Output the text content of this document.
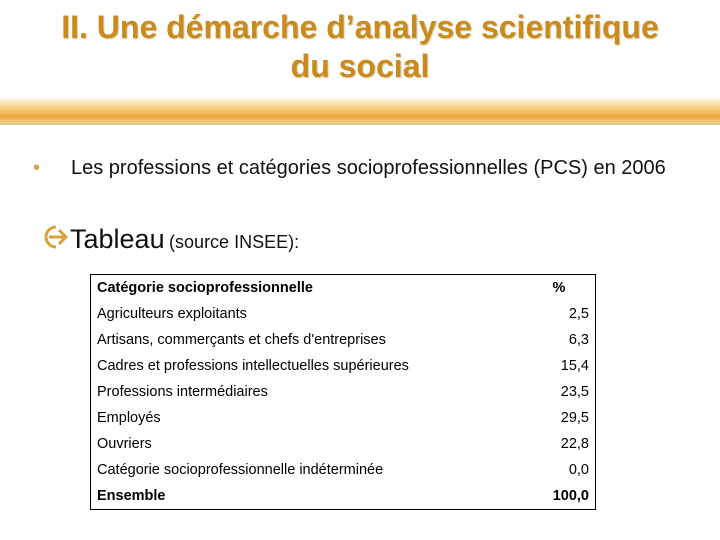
II. Une démarche d’analyse scientifique
du social
• Les professions et catégories socioprofessionnelles (PCS) en 2006
Tableau (source INSEE):
Catégorie socioprofessionnelle	%
Agriculteurs exploitants	2,5
Artisans, commerçants et chefs d'entreprises	6,3
Cadres et professions intellectuelles supérieures	15,4
Professions intermédiaires	23,5
Employés	29,5
Ouvriers	22,8
Catégorie socioprofessionnelle indéterminée	0,0
Ensemble	100,0
